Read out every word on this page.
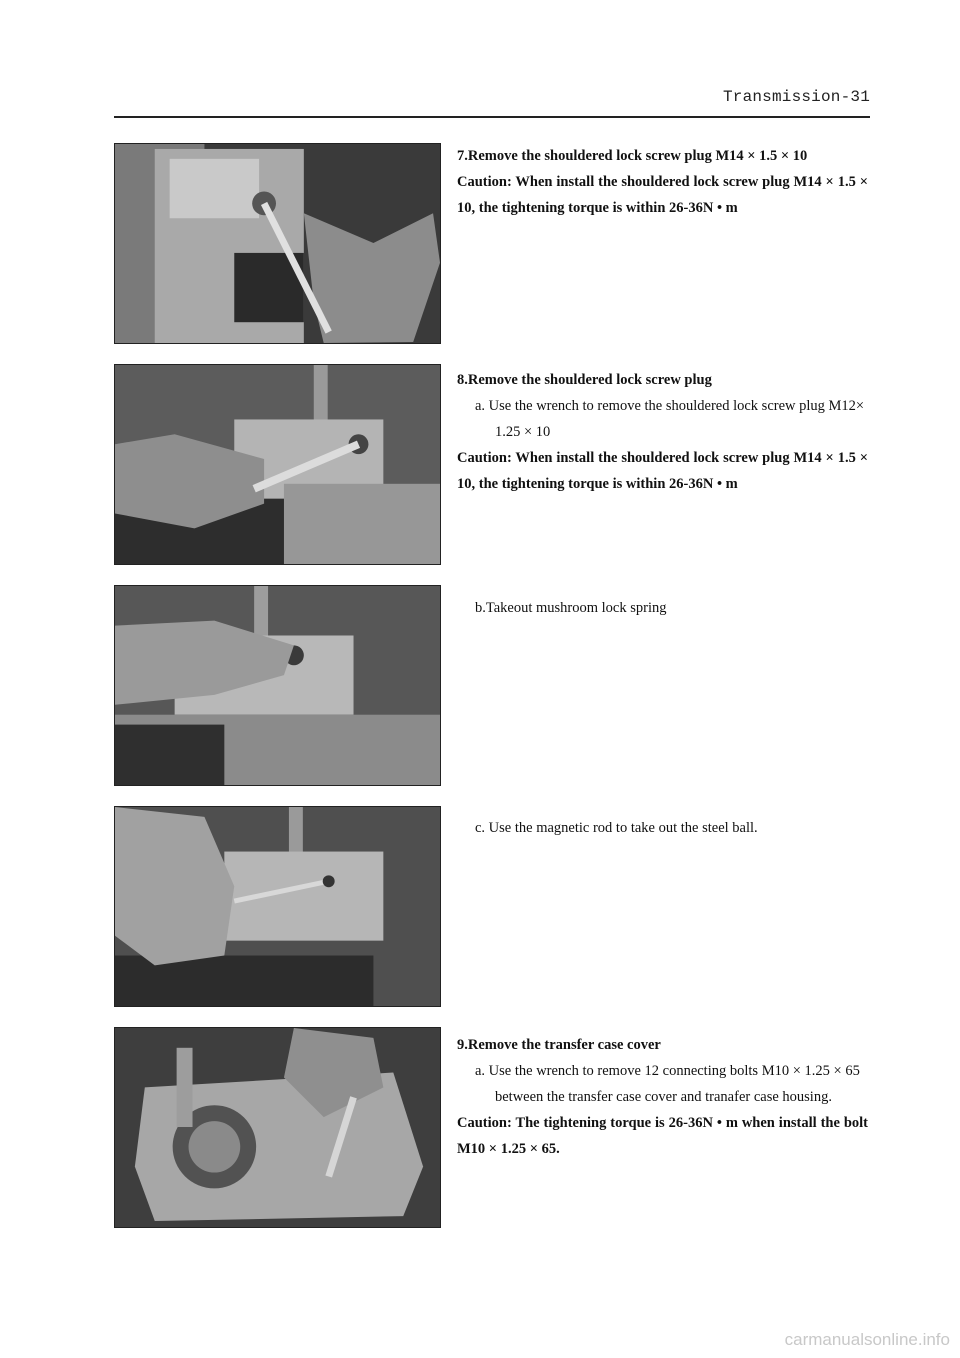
Transmission-31
7.Remove the shouldered lock screw plug M14 × 1.5 × 10
Caution: When install the shouldered lock screw plug M14 × 1.5 × 10, the tightening torque is within 26-36N • m
8.Remove the shouldered lock screw plug
a. Use the wrench to remove the shouldered lock screw plug M12×
1.25 × 10
Caution: When install the shouldered lock screw plug M14 × 1.5 × 10, the tightening torque is within 26-36N • m
b.Takeout mushroom lock spring
c. Use the magnetic rod to take out the steel ball.
9.Remove the transfer case cover
a. Use the wrench to remove 12 connecting bolts M10 × 1.25 × 65
between the transfer case cover and tranafer case housing.
Caution: The tightening torque is 26-36N • m when install the bolt M10 × 1.25 × 65.
carmanualsonline.info
